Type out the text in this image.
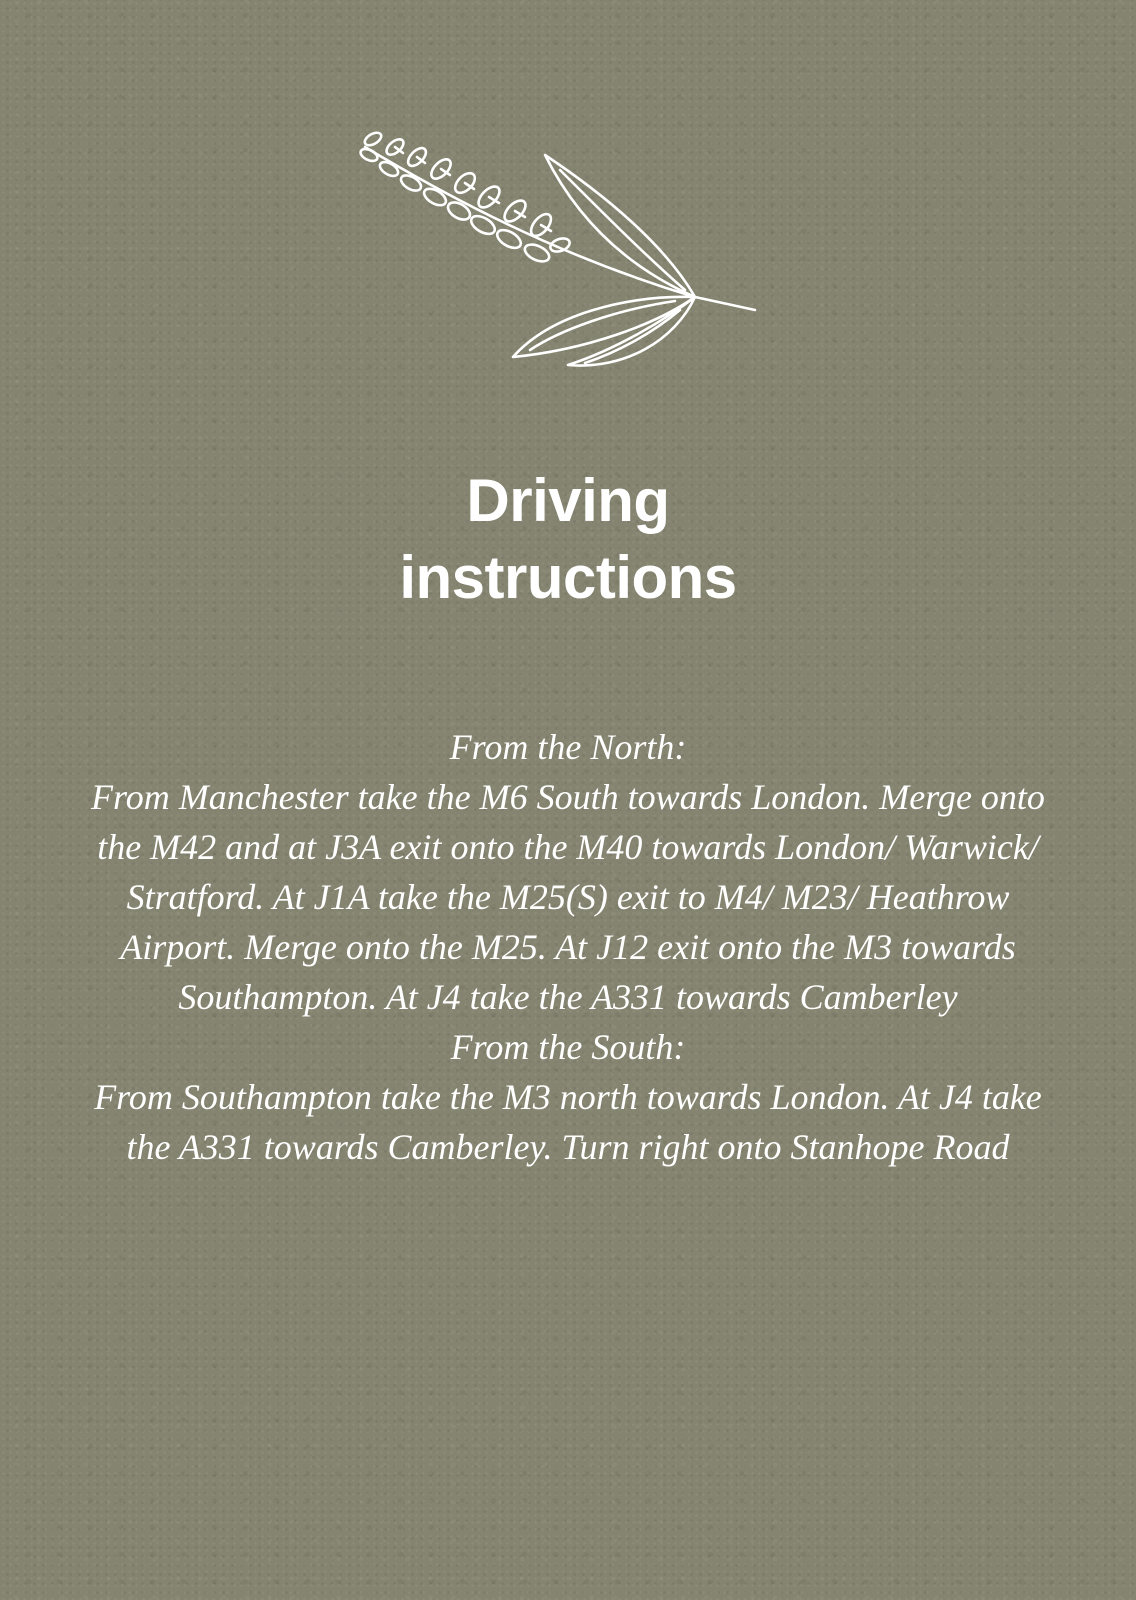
Driving
instructions

From the North:

From Manchester take the M6 South towards London. Merge onto the M42 and at J3A exit onto the M40 towards London/ Warwick/ Stratford. At J1A take the M25(S) exit to M4/ M23/ Heathrow Airport. Merge onto the M25. At J12 exit onto the M3 towards Southampton. At J4 take the A331 towards Camberley

From the South:

From Southampton take the M3 north towards London. At J4 take the A331 towards Camberley. Turn right onto Stanhope Road
